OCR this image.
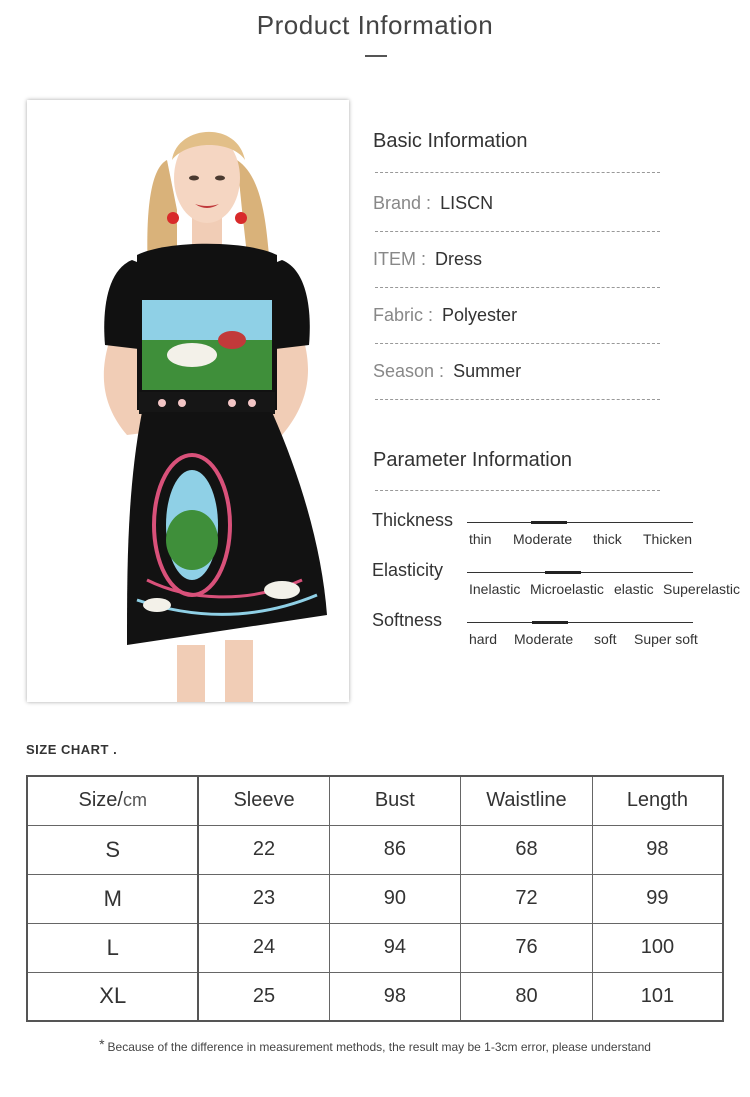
Product Information
Basic Information
Brand : LISCN
ITEM : Dress
Fabric : Polyester
Season : Summer
Parameter Information
Thickness
thin Moderate thick Thicken
Elasticity
Inelastic Microelastic elastic Superelastic
Softness
hard Moderate soft Super soft
SIZE CHART .
Size/cm	Sleeve	Bust	Waistline	Length
S	22	86	68	98
M	23	90	72	99
L	24	94	76	100
XL	25	98	80	101
* Because of the difference in measurement methods, the result may be 1-3cm error, please understand
